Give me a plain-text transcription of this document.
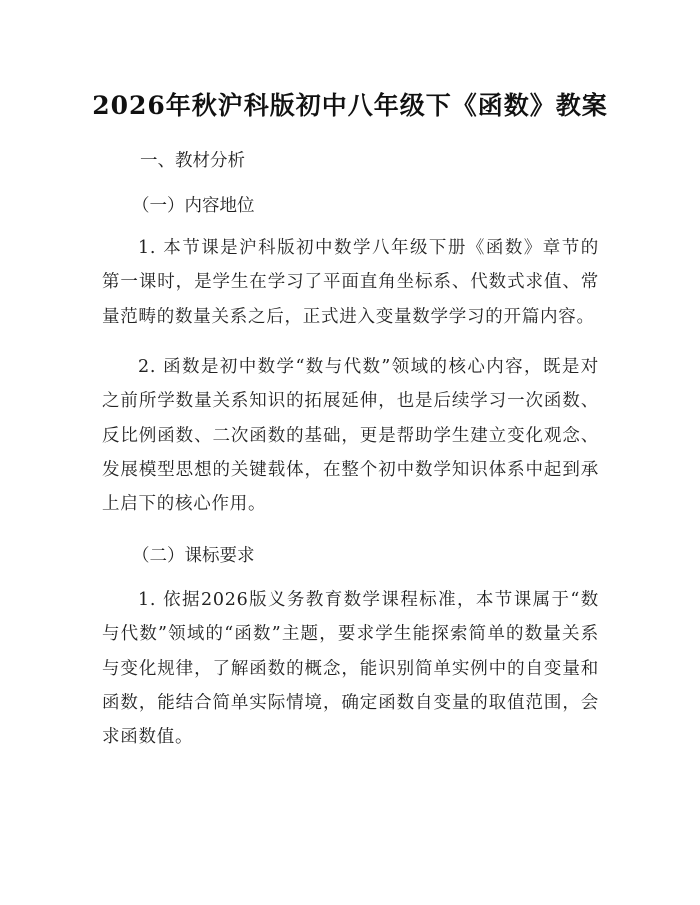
2026年秋沪科版初中八年级下《函数》教案
一、教材分析
（一）内容地位
1. 本节课是沪科版初中数学八年级下册《函数》章节的第一课时，是学生在学习了平面直角坐标系、代数式求值、常量范畴的数量关系之后，正式进入变量数学学习的开篇内容。
2. 函数是初中数学“数与代数”领域的核心内容，既是对之前所学数量关系知识的拓展延伸，也是后续学习一次函数、反比例函数、二次函数的基础，更是帮助学生建立变化观念、发展模型思想的关键载体，在整个初中数学知识体系中起到承上启下的核心作用。
（二）课标要求
1. 依据2026版义务教育数学课程标准，本节课属于“数与代数”领域的“函数”主题，要求学生能探索简单的数量关系与变化规律，了解函数的概念，能识别简单实例中的自变量和函数，能结合简单实际情境，确定函数自变量的取值范围，会求函数值。
